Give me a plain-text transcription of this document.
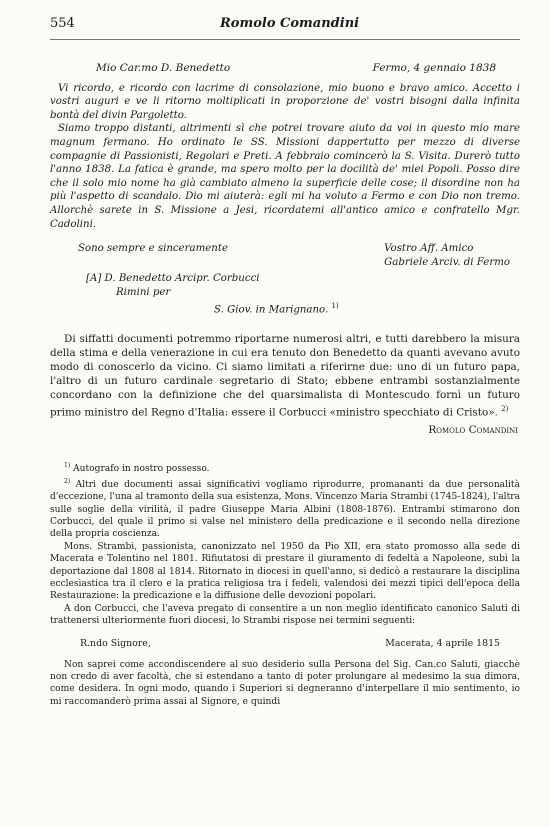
554	Romolo Comandini
Mio Car.mo D. Benedetto	Fermo, 4 gennaio 1838

Vi ricordo, e ricordo con lacrime di consolazione, mio buono e bravo amico. Accetto i vostri auguri e ve li ritorno moltiplicati in proporzione de' vostri bisogni dalla infinita bontà del divin Pargoletto.

Siamo troppo distanti, altrimenti sì che potrei trovare aiuto da voi in questo mio mare magnum fermano. Ho ordinato le SS. Missioni dappertutto per mezzo di diverse compagnie di Passionisti, Regolari e Preti. A febbraio comincerò la S. Visita. Durerò tutto l'anno 1838. La fatica è grande, ma spero molto per la docilità de' miei Popoli. Posso dire che il solo mio nome ha già cambiato almeno la superficie delle cose; il disordine non ha più l'aspetto di scandalo. Dio mi aiuterà: egli mi ha voluto a Fermo e con Dio non tremo. Allorchè sarete in S. Missione a Jesi, ricordatemi all'antico amico e confratello Mgr. Cadolini.

Sono sempre e sinceramente	Vostro Aff. Amico
Gabriele Arciv. di Fermo
[A] D. Benedetto Arcipr. Corbucci
Rimini per
S. Giov. in Marignano. $^{1)}$

Di siffatti documenti potremmo riportarne numerosi altri, e tutti darebbero la misura della stima e della venerazione in cui era tenuto don Benedetto da quanti avevano avuto modo di conoscerlo da vicino. Ci siamo limitati a riferirne due: uno di un futuro papa, l'altro di un futuro cardinale segretario di Stato; ebbene entrambi sostanzialmente concordano con la definizione che del quarsimalista di Montescudo fornì un futuro primo ministro del Regno d'Italia: essere il Corbucci «ministro specchiato di Cristo». $^{2)}$

Romolo Comandini

$^{1)}$ Autografo in nostro possesso.

$^{2)}$ Altri due documenti assai significativi vogliamo riprodurre, promananti da due personalità d'eccezione, l'una al tramonto della sua esistenza, Mons. Vincenzo Maria Strambi (1745-1824), l'altra sulle soglie della virilità, il padre Giuseppe Maria Albini (1808-1876). Entrambi stimarono don Corbucci, del quale il primo si valse nel ministero della predicazione e il secondo nella direzione della propria coscienza.

Mons. Strambi, passionista, canonizzato nel 1950 da Pio XII, era stato promosso alla sede di Macerata e Tolentino nel 1801. Rifiutatosi di prestare il giuramento di fedeltà a Napoleone, subì la deportazione dal 1808 al 1814. Ritornato in diocesi in quell'anno, si dedicò a restaurare la disciplina ecclesiastica tra il clero e la pratica religiosa tra i fedeli, valendosi dei mezzi tipici dell'epoca della Restaurazione: la predicazione e la diffusione delle devozioni popolari.

A don Corbucci, che l'aveva pregato di consentire a un non meglio identificato canonico Saluti di trattenersi ulteriormente fuori diocesi, lo Strambi rispose nei termini seguenti:

R.ndo Signore,	Macerata, 4 aprile 1815

Non saprei come accondiscendere al suo desiderio sulla Persona del Sig. Can.co Saluti, giacchè non credo di aver facoltà, che si estendano a tanto di poter prolungare al medesimo la sua dimora, come desidera. In ogni modo, quando i Superiori si degneranno d'interpellare il mio sentimento, io mi raccomanderò prima assai al Signore, e quindi
